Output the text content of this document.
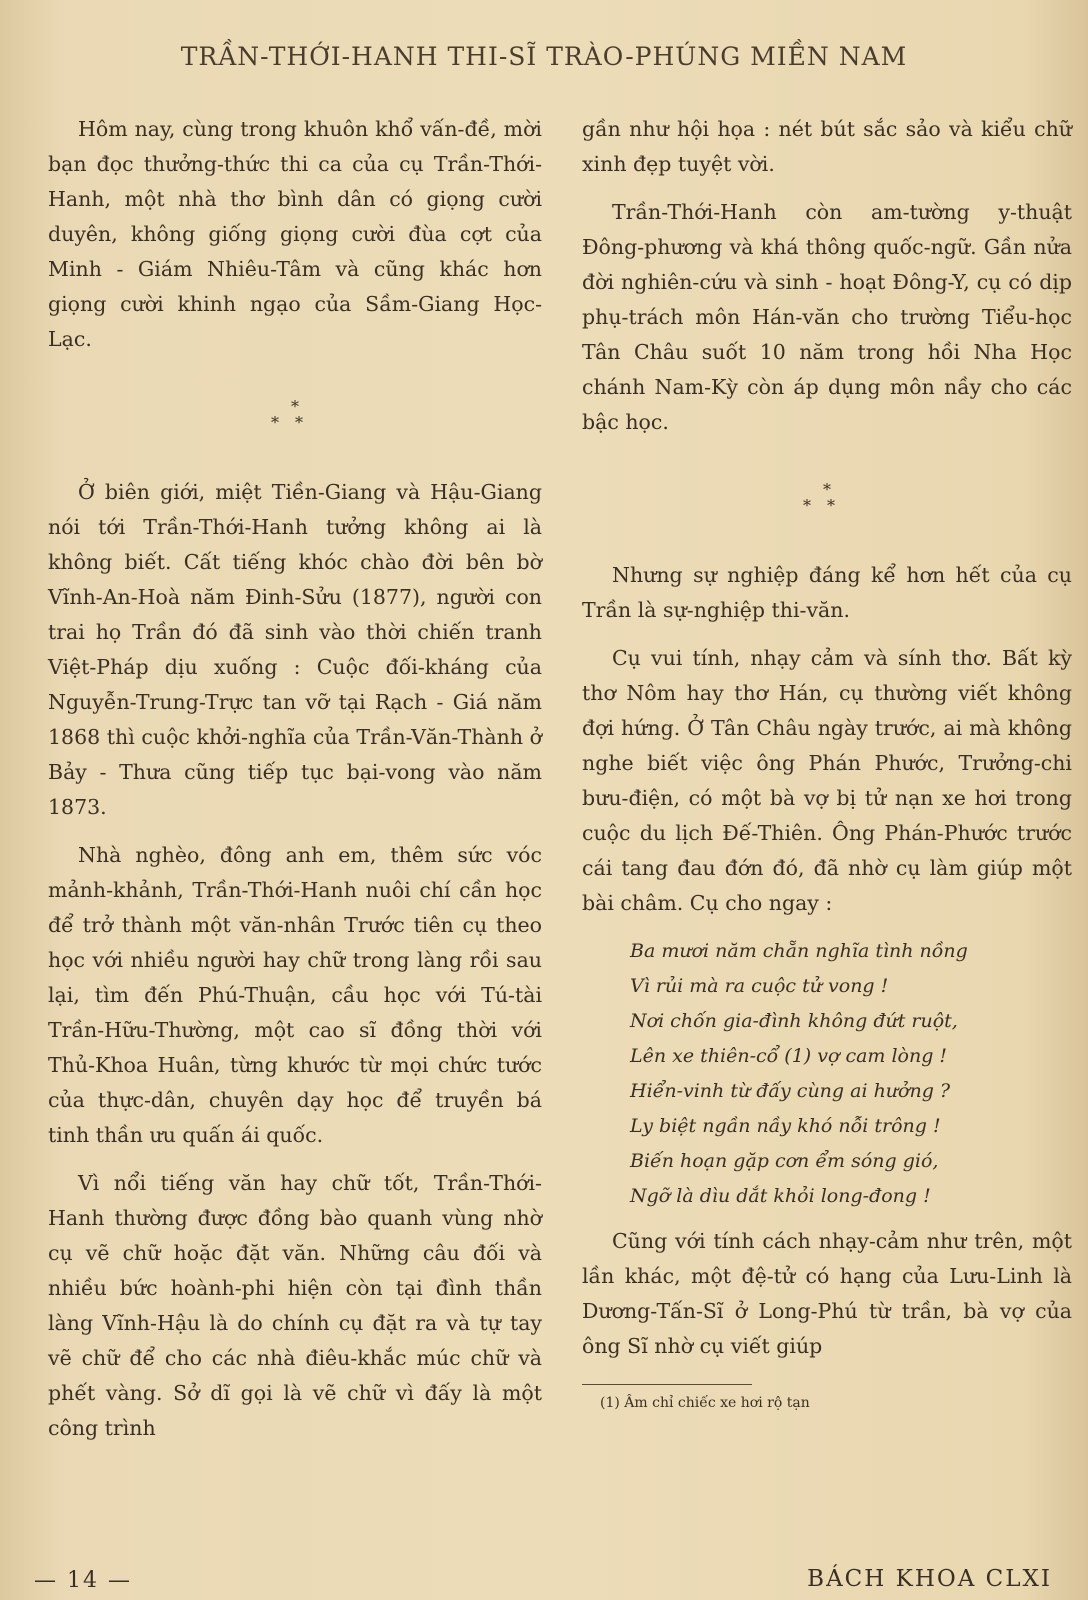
TRẦN-THỚI-HANH THI-SĨ TRÀO-PHÚNG MIỀN NAM

Hôm nay, cùng trong khuôn khổ vấn-đề, mời bạn đọc thưởng-thức thi ca của cụ Trần-Thới-Hanh, một nhà thơ bình dân có giọng cười duyên, không giống giọng cười đùa cợt của Minh - Giám Nhiêu-Tâm và cũng khác hơn giọng cười khinh ngạo của Sầm-Giang Học-Lạc.

*
**

Ở biên giới, miệt Tiền-Giang và Hậu-Giang nói tới Trần-Thới-Hanh tưởng không ai là không biết. Cất tiếng khóc chào đời bên bờ Vĩnh-An-Hoà năm Đinh-Sửu (1877), người con trai họ Trần đó đã sinh vào thời chiến tranh Việt-Pháp dịu xuống : Cuộc đối-kháng của Nguyễn-Trung-Trực tan vỡ tại Rạch - Giá năm 1868 thì cuộc khởi-nghĩa của Trần-Văn-Thành ở Bảy - Thưa cũng tiếp tục bại-vong vào năm 1873.

Nhà nghèo, đông anh em, thêm sức vóc mảnh-khảnh, Trần-Thới-Hanh nuôi chí cần học để trở thành một văn-nhân Trước tiên cụ theo học với nhiều người hay chữ trong làng rồi sau lại, tìm đến Phú-Thuận, cầu học với Tú-tài Trần-Hữu-Thường, một cao sĩ đồng thời với Thủ-Khoa Huân, từng khước từ mọi chức tước của thực-dân, chuyên dạy học để truyền bá tinh thần ưu quấn ái quốc.

Vì nổi tiếng văn hay chữ tốt, Trần-Thới-Hanh thường được đồng bào quanh vùng nhờ cụ vẽ chữ hoặc đặt văn. Những câu đối và nhiều bức hoành-phi hiện còn tại đình thần làng Vĩnh-Hậu là do chính cụ đặt ra và tự tay vẽ chữ để cho các nhà điêu-khắc múc chữ và phết vàng. Sở dĩ gọi là vẽ chữ vì đấy là một công trình

gần như hội họa : nét bút sắc sảo và kiểu chữ xinh đẹp tuyệt vời.

Trần-Thới-Hanh còn am-tường y-thuật Đông-phương và khá thông quốc-ngữ. Gần nửa đời nghiên-cứu và sinh - hoạt Đông-Y, cụ có dịp phụ-trách môn Hán-văn cho trường Tiểu-học Tân Châu suốt 10 năm trong hồi Nha Học chánh Nam-Kỳ còn áp dụng môn nầy cho các bậc học.

*
**

Nhưng sự nghiệp đáng kể hơn hết của cụ Trần là sự-nghiệp thi-văn.

Cụ vui tính, nhạy cảm và sính thơ. Bất kỳ thơ Nôm hay thơ Hán, cụ thường viết không đợi hứng. Ở Tân Châu ngày trước, ai mà không nghe biết việc ông Phán Phước, Trưởng-chi bưu-điện, có một bà vợ bị tử nạn xe hơi trong cuộc du lịch Đế-Thiên. Ông Phán-Phước trước cái tang đau đớn đó, đã nhờ cụ làm giúp một bài châm. Cụ cho ngay :

Ba mươi năm chẵn nghĩa tình nồng
Vì rủi mà ra cuộc tử vong !
Nơi chốn gia-đình không đứt ruột,
Lên xe thiên-cổ (1) vợ cam lòng !
Hiển-vinh từ đấy cùng ai hưởng ?
Ly biệt ngần nầy khó nỗi trông !
Biến hoạn gặp cơn ểm sóng gió,
Ngỡ là dìu dắt khỏi long-đong !

Cũng với tính cách nhạy-cảm như trên, một lần khác, một đệ-tử có hạng của Lưu-Linh là Dương-Tấn-Sĩ ở Long-Phú từ trần, bà vợ của ông Sĩ nhờ cụ viết giúp

(1) Âm chỉ chiếc xe hơi rộ tạn
— 14 —	BÁCH KHOA CLXI
